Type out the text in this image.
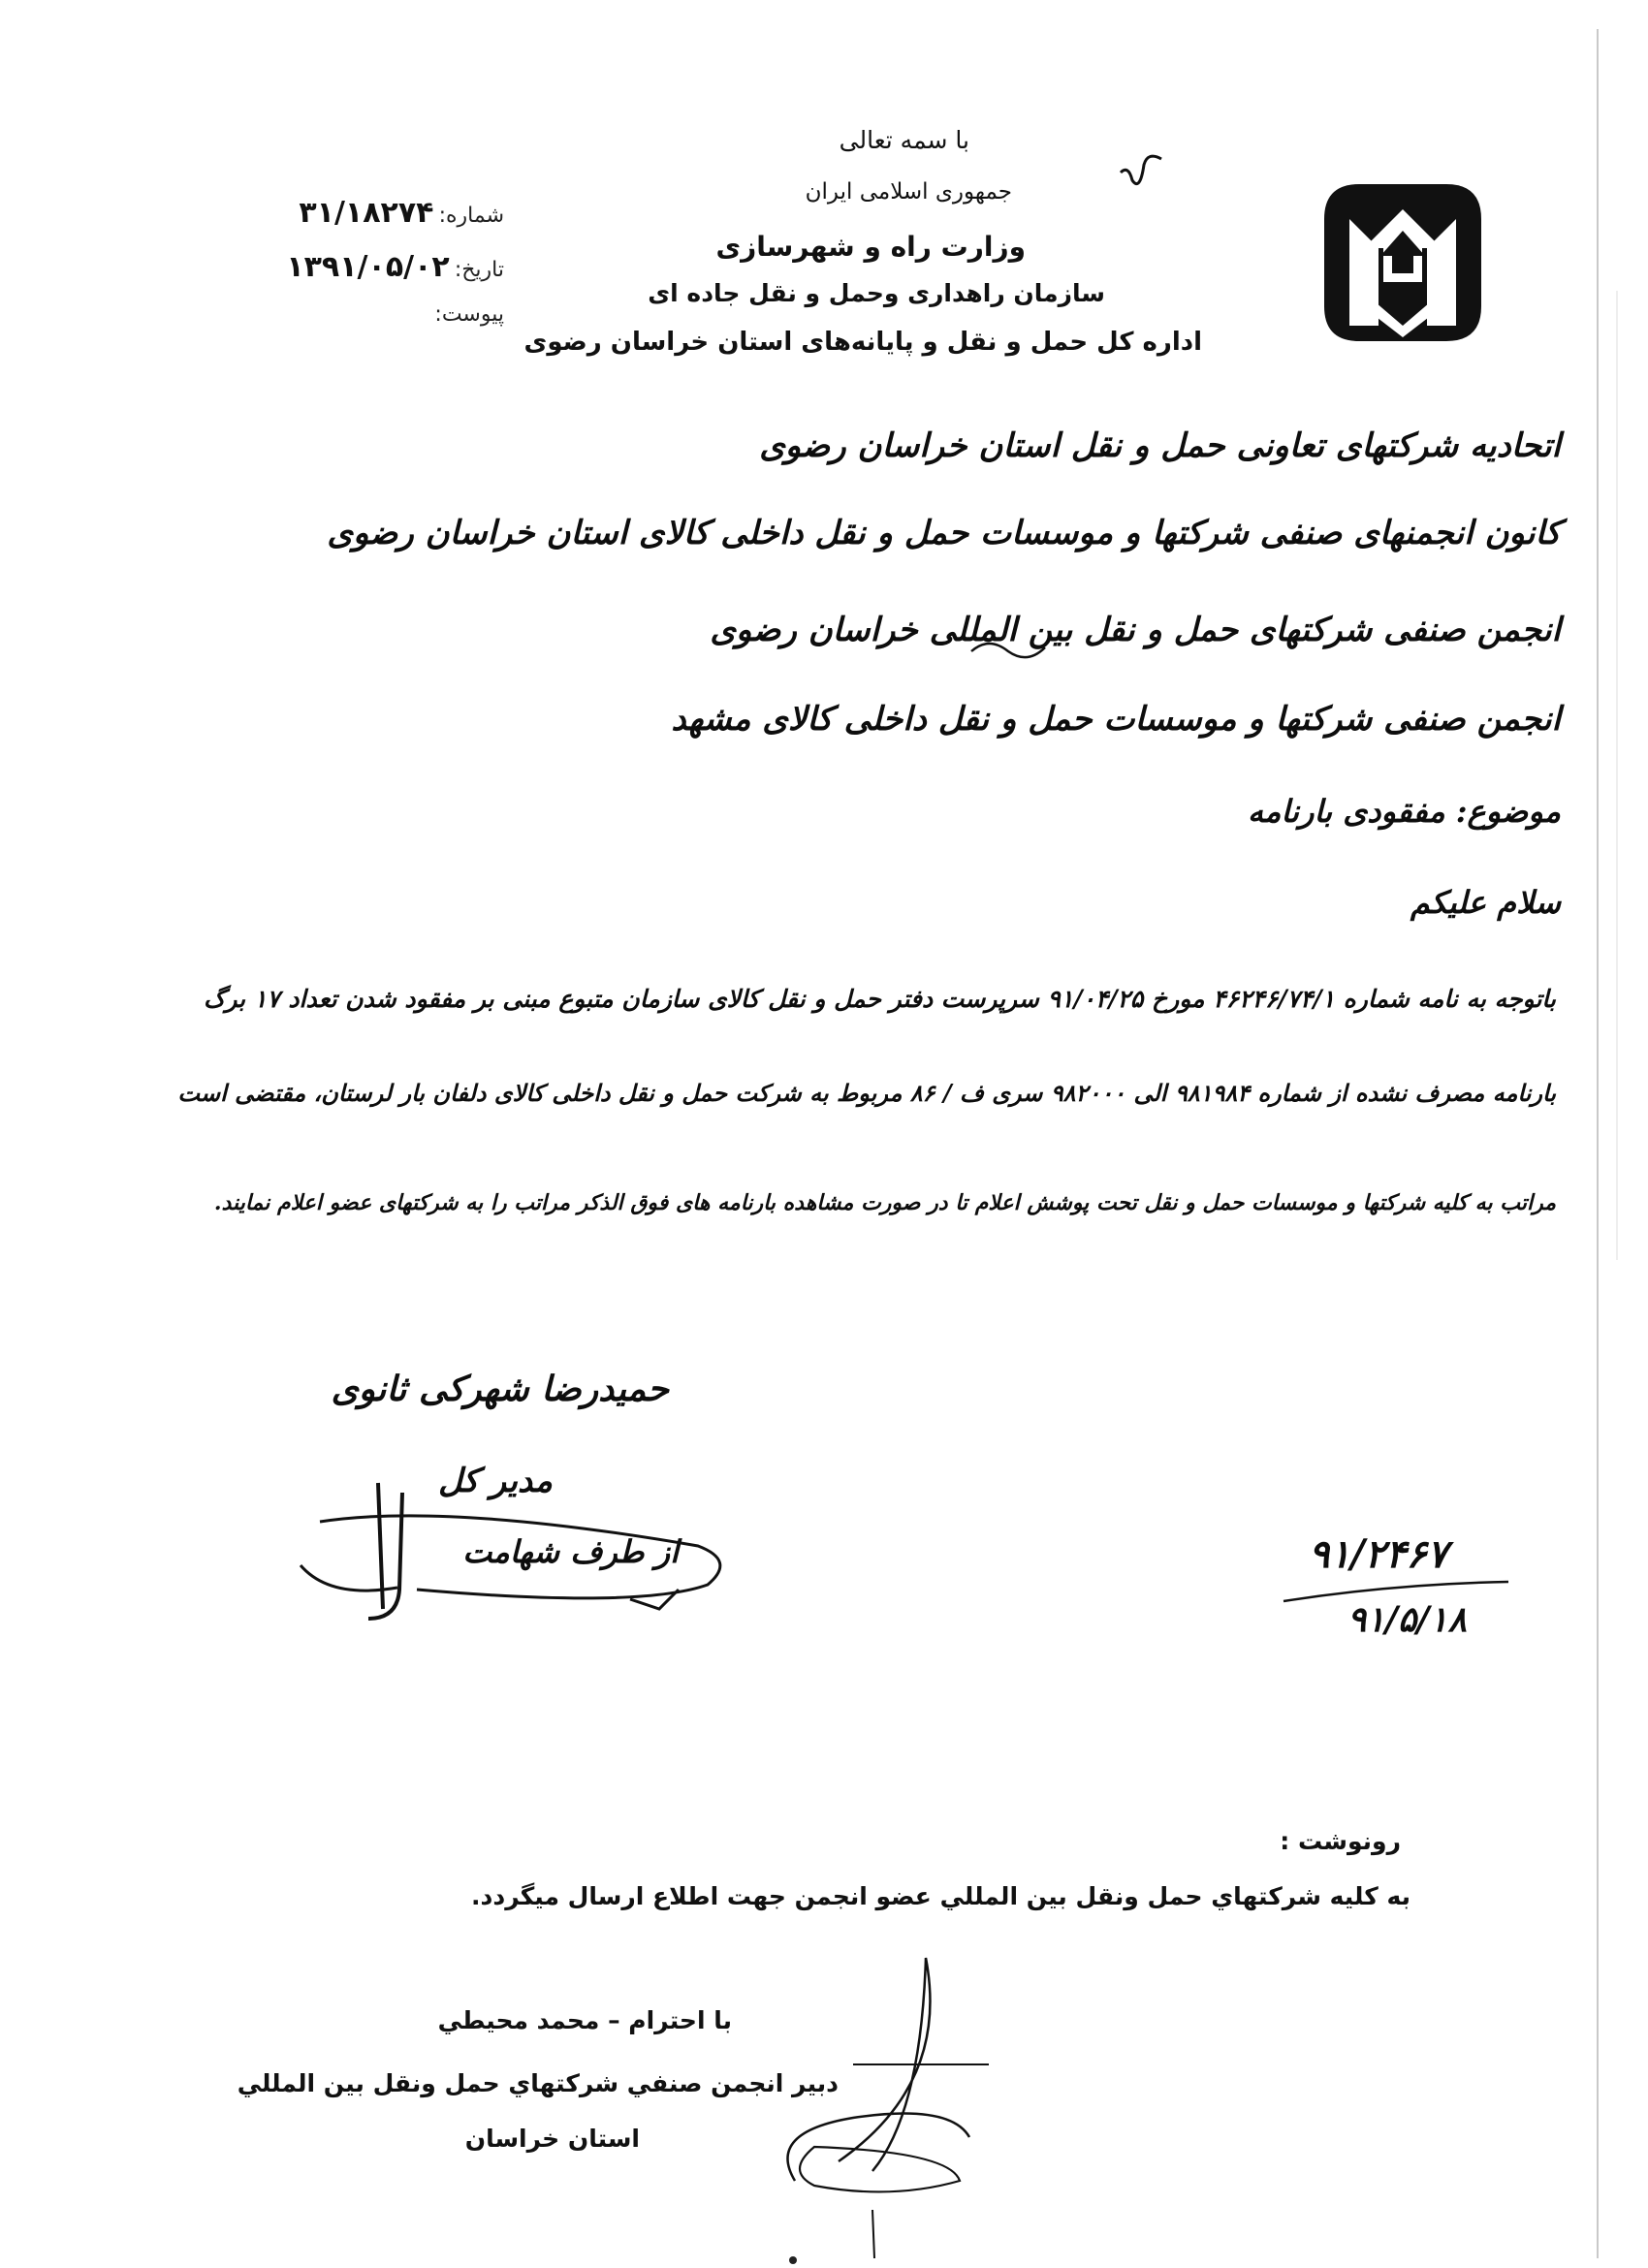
با سمه تعالی
جمهوری اسلامی ایران
وزارت راه و شهرسازی
سازمان راهداری وحمل و نقل جاده ای
اداره کل حمل و نقل و پایانه‌های استان خراسان رضوی
شماره: ۳۱/۱۸۲۷۴
تاریخ: ۱۳۹۱/۰۵/۰۲
پیوست:
اتحادیه شرکتهای تعاونی حمل و نقل استان خراسان رضوی
کانون انجمنهای صنفی شرکتها و موسسات حمل و نقل داخلی کالای استان خراسان رضوی
انجمن صنفی شرکتهای حمل و نقل بین المللی خراسان رضوی
انجمن صنفی شرکتها و موسسات حمل و نقل داخلی کالای مشهد
موضوع: مفقودی بارنامه
سلام علیکم
باتوجه به نامه شماره ۴۶۲۴۶/۷۴/۱ مورخ ۹۱/۰۴/۲۵ سرپرست دفتر حمل و نقل کالای سازمان متبوع مبنی بر مفقود شدن تعداد ۱۷ برگ
بارنامه مصرف نشده از شماره ۹۸۱۹۸۴ الی ۹۸۲۰۰۰ سری ف / ۸۶ مربوط به شرکت حمل و نقل داخلی کالای دلفان بار لرستان، مقتضی است
مراتب به کلیه شرکتها و موسسات حمل و نقل تحت پوشش اعلام تا در صورت مشاهده بارنامه های فوق الذکر مراتب را به شرکتهای عضو اعلام نمایند.
حمیدرضا شهرکی ثانوی
مدیر کل
از طرف شهامت	۹۱/۲۴۶۷
۹۱/۵/۱۸
رونوشت :
به كليه شركتهاي حمل ونقل بين المللي عضو انجمن جهت اطلاع ارسال ميگردد.
با احترام – محمد محيطي
دبير انجمن صنفي شركتهاي حمل ونقل بين المللي
استان خراسان
